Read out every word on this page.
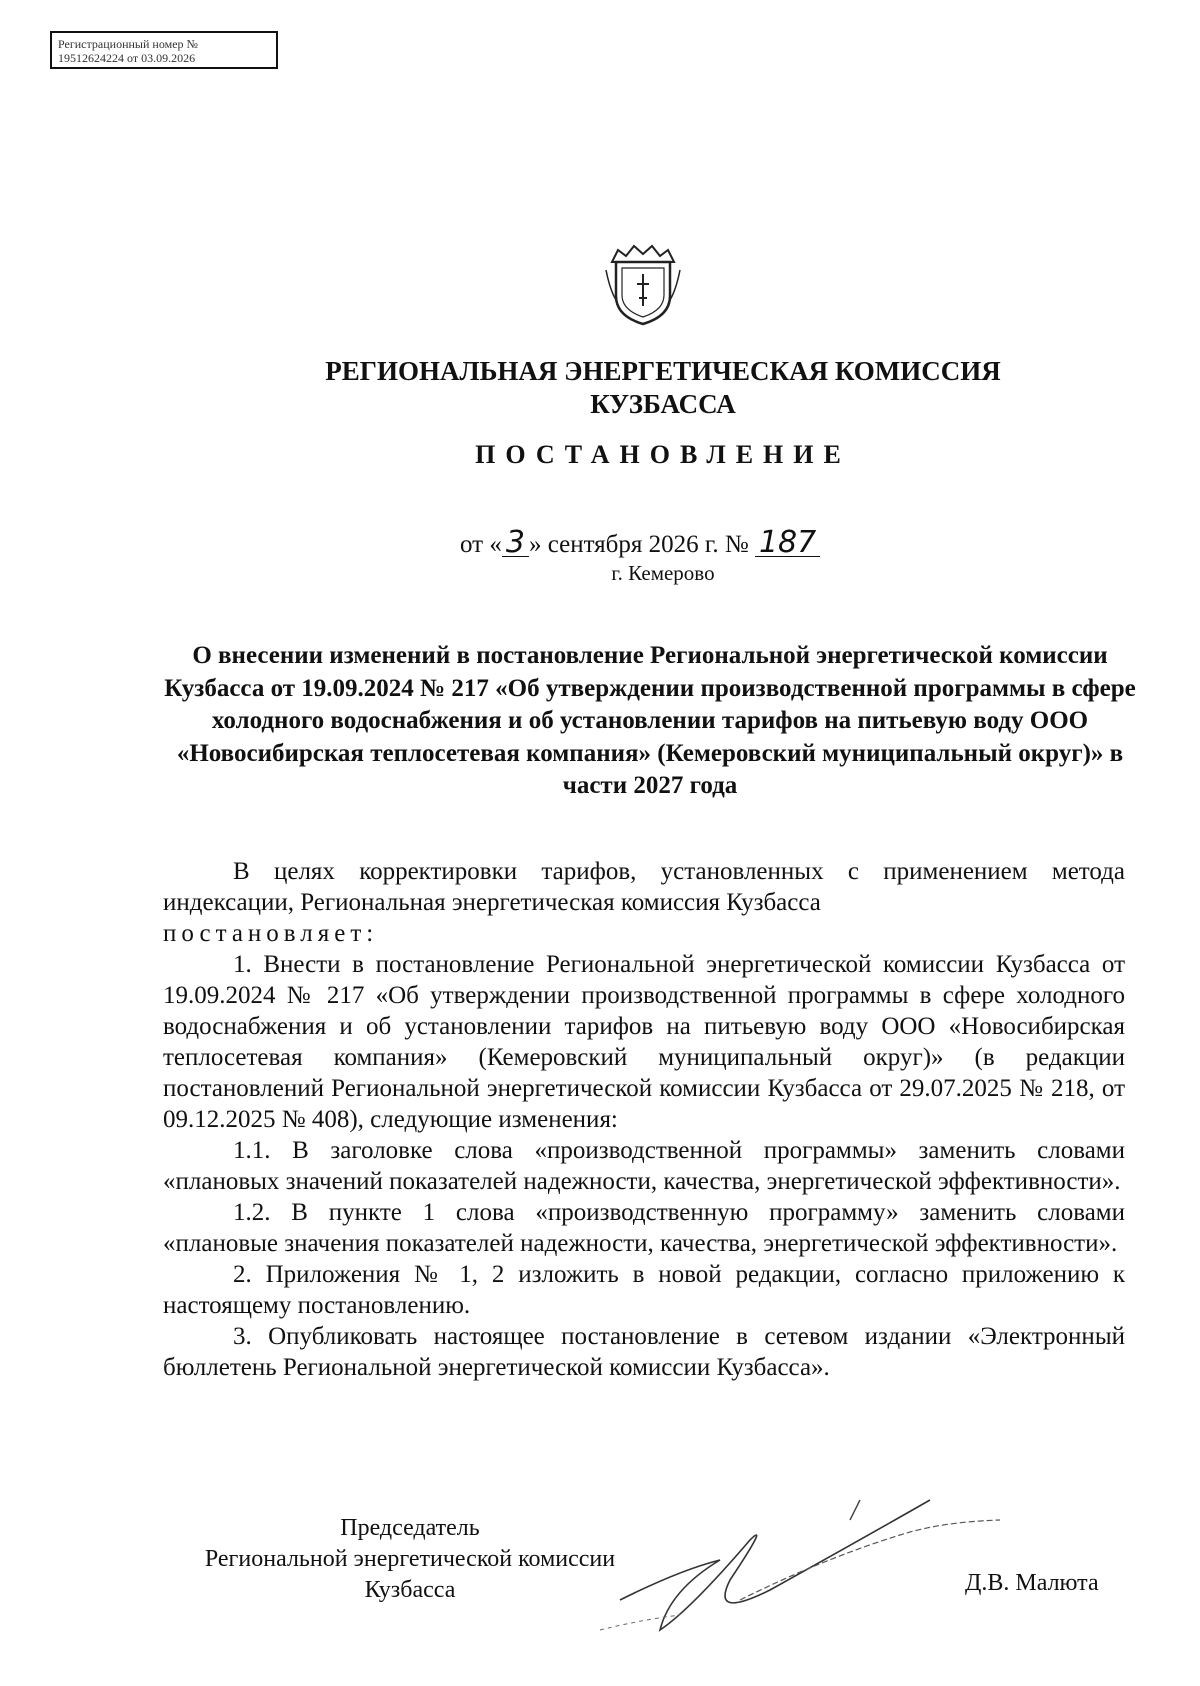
Регистрационный номер №
19512624224 от 03.09.2026
РЕГИОНАЛЬНАЯ ЭНЕРГЕТИЧЕСКАЯ КОМИССИЯ
КУЗБАССА
ПОСТАНОВЛЕНИЕ
от « 3 » сентября 2026 г. № 187
г. Кемерово
О внесении изменений в постановление Региональной энергетической комиссии Кузбасса от 19.09.2024 № 217 «Об утверждении производственной программы в сфере холодного водоснабжения и об установлении тарифов на питьевую воду ООО «Новосибирская теплосетевая компания» (Кемеровский муниципальный округ)» в части 2027 года

В целях корректировки тарифов, установленных с применением метода индексации, Региональная энергетическая комиссия Кузбасса

постановляет:

1. Внести в постановление Региональной энергетической комиссии Кузбасса от 19.09.2024 № 217 «Об утверждении производственной программы в сфере холодного водоснабжения и об установлении тарифов на питьевую воду ООО «Новосибирская теплосетевая компания» (Кемеровский муниципальный округ)» (в редакции постановлений Региональной энергетической комиссии Кузбасса от 29.07.2025 № 218, от 09.12.2025 № 408), следующие изменения:

1.1. В заголовке слова «производственной программы» заменить словами «плановых значений показателей надежности, качества, энергетической эффективности».

1.2. В пункте 1 слова «производственную программу» заменить словами «плановые значения показателей надежности, качества, энергетической эффективности».

2. Приложения № 1, 2 изложить в новой редакции, согласно приложению к настоящему постановлению.

3. Опубликовать настоящее постановление в сетевом издании «Электронный бюллетень Региональной энергетической комиссии Кузбасса».

Председатель
Региональной энергетической комиссии
Кузбасса	Д.В. Малюта
